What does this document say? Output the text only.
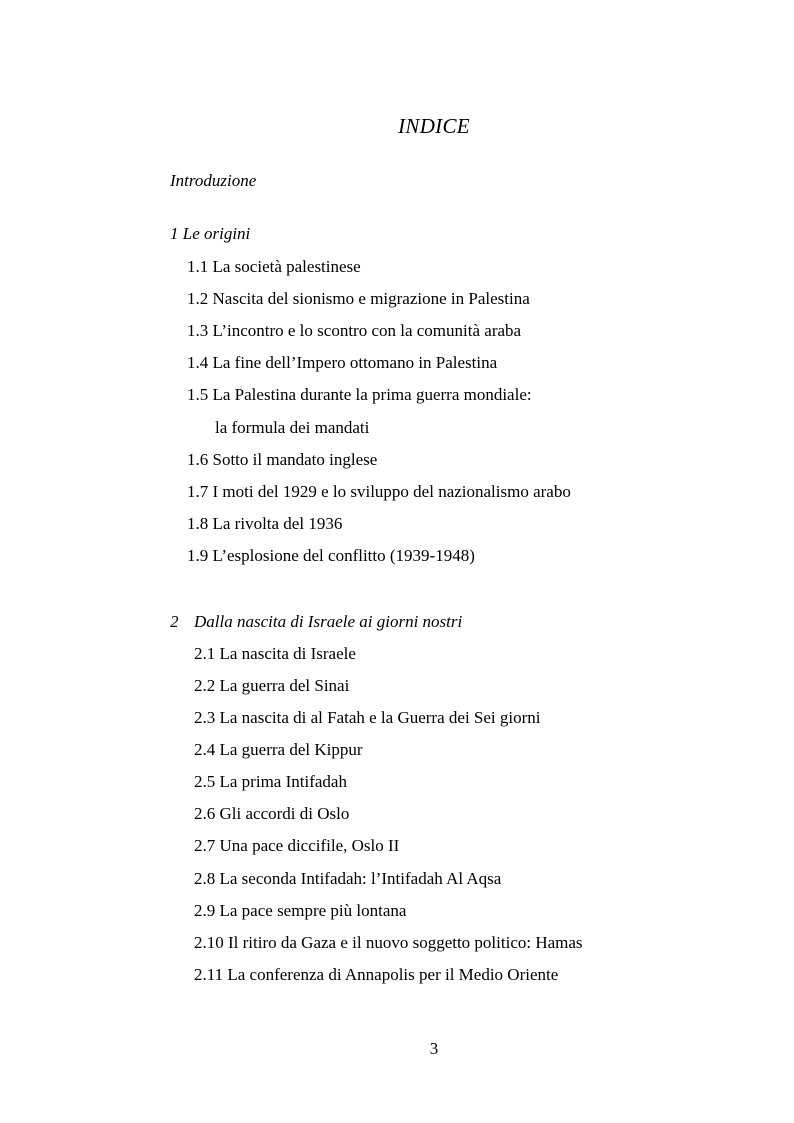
INDICE
Introduzione
1 Le origini
1.1 La società palestinese
1.2 Nascita del sionismo e migrazione in Palestina
1.3 L’incontro e lo scontro con la comunità araba
1.4 La fine dell’Impero ottomano in Palestina
1.5 La Palestina durante la prima guerra mondiale:
la formula dei mandati
1.6 Sotto il mandato inglese
1.7 I moti del 1929 e lo sviluppo del nazionalismo arabo
1.8 La rivolta del 1936
1.9 L’esplosione del conflitto (1939-1948)
2 Dalla nascita di Israele ai giorni nostri
2.1 La nascita di Israele
2.2 La guerra del Sinai
2.3 La nascita di al Fatah e la Guerra dei Sei giorni
2.4 La guerra del Kippur
2.5 La prima Intifadah
2.6 Gli accordi di Oslo
2.7 Una pace diccifile, Oslo II
2.8 La seconda Intifadah: l’Intifadah Al Aqsa
2.9 La pace sempre più lontana
2.10 Il ritiro da Gaza e il nuovo soggetto politico: Hamas
2.11 La conferenza di Annapolis per il Medio Oriente
3
